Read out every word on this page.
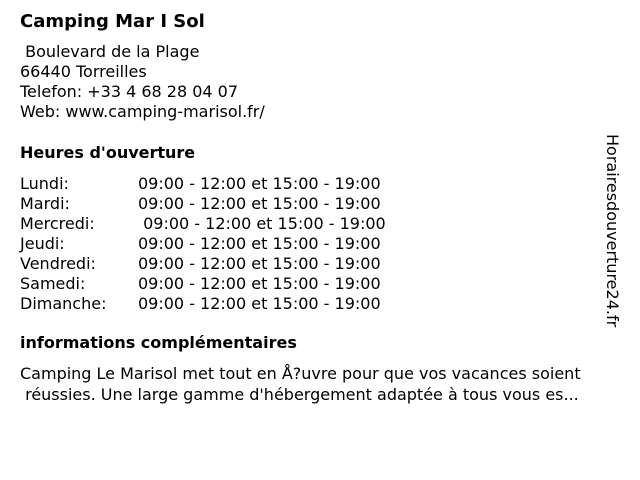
Camping Mar I Sol
Boulevard de la Plage
66440 Torreilles
Telefon: +33 4 68 28 04 07
Web: www.camping-marisol.fr/
Heures d'ouverture
Lundi:	09:00 - 12:00 et 15:00 - 19:00
Mardi:	09:00 - 12:00 et 15:00 - 19:00
Mercredi:	09:00 - 12:00 et 15:00 - 19:00
Jeudi:	09:00 - 12:00 et 15:00 - 19:00
Vendredi:	09:00 - 12:00 et 15:00 - 19:00
Samedi:	09:00 - 12:00 et 15:00 - 19:00
Dimanche:	09:00 - 12:00 et 15:00 - 19:00
informations complémentaires
Camping Le Marisol met tout en Å?uvre pour que vos vacances soient
réussies. Une large gamme d'hébergement adaptée à tous vous es...
Horairesdouverture24.fr
